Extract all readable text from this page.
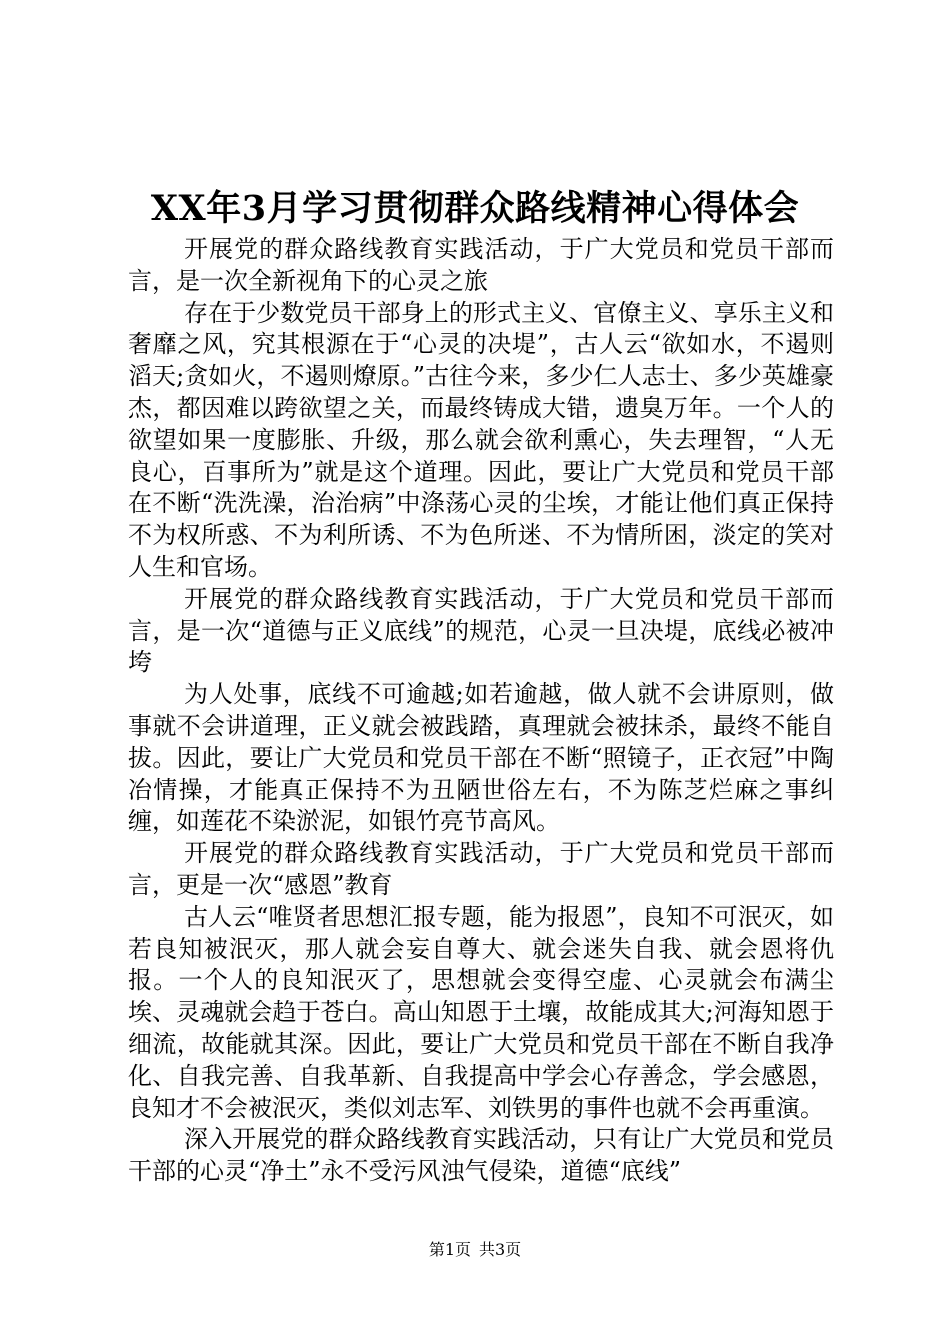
XX年3月学习贯彻群众路线精神心得体会

开展党的群众路线教育实践活动，于广大党员和党员干部而言，是一次全新视角下的心灵之旅

存在于少数党员干部身上的形式主义、官僚主义、享乐主义和奢靡之风，究其根源在于“心灵的决堤”，古人云“欲如水，不遏则滔天;贪如火，不遏则燎原。”古往今来，多少仁人志士、多少英雄豪杰，都因难以跨欲望之关，而最终铸成大错，遗臭万年。一个人的欲望如果一度膨胀、升级，那么就会欲利熏心，失去理智，“人无良心，百事所为”就是这个道理。因此，要让广大党员和党员干部在不断“洗洗澡，治治病”中涤荡心灵的尘埃，才能让他们真正保持不为权所惑、不为利所诱、不为色所迷、不为情所困，淡定的笑对人生和官场。

开展党的群众路线教育实践活动，于广大党员和党员干部而言，是一次“道德与正义底线”的规范，心灵一旦决堤，底线必被冲垮

为人处事，底线不可逾越;如若逾越，做人就不会讲原则，做事就不会讲道理，正义就会被践踏，真理就会被抹杀，最终不能自拔。因此，要让广大党员和党员干部在不断“照镜子，正衣冠”中陶冶情操，才能真正保持不为丑陋世俗左右，不为陈芝烂麻之事纠缠，如莲花不染淤泥，如银竹亮节高风。

开展党的群众路线教育实践活动，于广大党员和党员干部而言，更是一次“感恩”教育

古人云“唯贤者思想汇报专题，能为报恩”，良知不可泯灭，如若良知被泯灭，那人就会妄自尊大、就会迷失自我、就会恩将仇报。一个人的良知泯灭了，思想就会变得空虚、心灵就会布满尘埃、灵魂就会趋于苍白。高山知恩于土壤，故能成其大;河海知恩于细流，故能就其深。因此，要让广大党员和党员干部在不断自我净化、自我完善、自我革新、自我提高中学会心存善念，学会感恩，良知才不会被泯灭，类似刘志军、刘铁男的事件也就不会再重演。

深入开展党的群众路线教育实践活动，只有让广大党员和党员干部的心灵“净土”永不受污风浊气侵染，道德“底线”

第1页 共3页
